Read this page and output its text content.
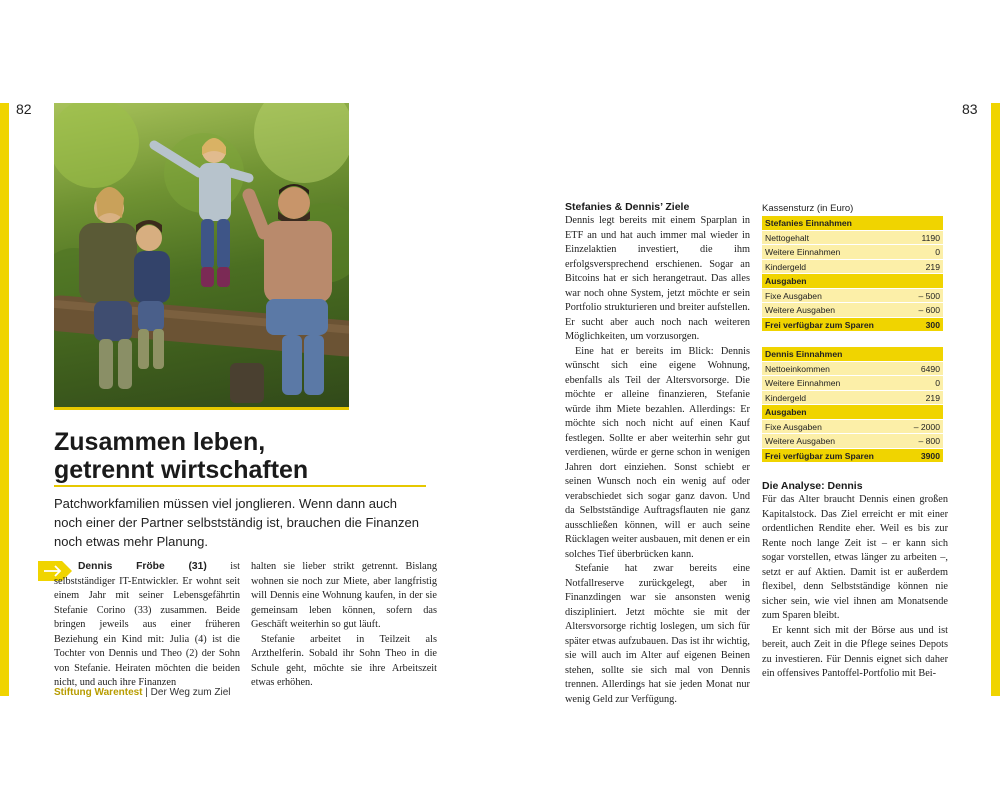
82	83
Zusammen leben,
getrennt wirtschaften

Patchworkfamilien müssen viel jonglieren. Wenn dann auch noch einer der Partner selbstständig ist, brauchen die Finanzen noch etwas mehr Planung.

Dennis Fröbe (31) ist selbstständiger IT-Entwickler. Er wohnt seit einem Jahr mit seiner Lebensgefährtin Stefanie Corino (33) zusammen. Beide bringen jeweils aus einer früheren Beziehung ein Kind mit: Julia (4) ist die Tochter von Dennis und Theo (2) der Sohn von Stefanie. Heiraten möchten die beiden nicht, und auch ihre Finanzen

halten sie lieber strikt getrennt. Bislang wohnen sie noch zur Miete, aber langfristig will Dennis eine Wohnung kaufen, in der sie gemeinsam leben können, sofern das Geschäft weiterhin so gut läuft.

Stefanie arbeitet in Teilzeit als Arzthelferin. Sobald ihr Sohn Theo in die Schule geht, möchte sie ihre Arbeitszeit etwas erhöhen.

Stiftung Warentest | Der Weg zum Ziel
Stefanies & Dennis’ Ziele

Dennis legt bereits mit einem Sparplan in ETF an und hat auch immer mal wieder in Einzelaktien investiert, die ihm erfolgsversprechend erschienen. Sogar an Bitcoins hat er sich herangetraut. Das alles war noch ohne System, jetzt möchte er sein Portfolio strukturieren und breiter aufstellen. Er sucht aber auch noch nach weiteren Möglichkeiten, um vorzusorgen.

Eine hat er bereits im Blick: Dennis wünscht sich eine eigene Wohnung, ebenfalls als Teil der Altersvorsorge. Die möchte er alleine finanzieren, Stefanie würde ihm Miete bezahlen. Allerdings: Er möchte sich noch nicht auf einen Kauf festlegen. Sollte er aber weiterhin sehr gut verdienen, würde er gerne schon in wenigen Jahren dort einziehen. Sonst schiebt er seinen Wunsch noch ein wenig auf oder verabschiedet sich sogar ganz davon. Und da Selbstständige Auftragsflauten nie ganz ausschließen können, will er auch seine Rücklagen weiter ausbauen, mit denen er ein solches Tief überbrücken kann.

Stefanie hat zwar bereits eine Notfallreserve zurückgelegt, aber in Finanzdingen war sie ansonsten wenig diszipliniert. Jetzt möchte sie mit der Altersvorsorge richtig loslegen, um sich für später etwas aufzubauen. Das ist ihr wichtig, sie will auch im Alter auf eigenen Beinen stehen, sollte sie sich mal von Dennis trennen. Allerdings hat sie jeden Monat nur wenig Geld zur Verfügung.

Kassensturz (in Euro)
Stefanies Einnahmen
Nettogehalt	1190
Weitere Einnahmen	0
Kindergeld	219
Ausgaben
Fixe Ausgaben	– 500
Weitere Ausgaben	– 600
Frei verfügbar zum Sparen	300
Dennis Einnahmen
Nettoeinkommen	6490
Weitere Einnahmen	0
Kindergeld	219
Ausgaben
Fixe Ausgaben	– 2000
Weitere Ausgaben	– 800
Frei verfügbar zum Sparen	3900
Die Analyse: Dennis

Für das Alter braucht Dennis einen großen Kapitalstock. Das Ziel erreicht er mit einer ordentlichen Rendite eher. Weil es bis zur Rente noch lange Zeit ist – er kann sich sogar vorstellen, etwas länger zu arbeiten –, setzt er auf Aktien. Damit ist er außerdem flexibel, denn Selbstständige können nie sicher sein, wie viel ihnen am Monatsende zum Sparen bleibt.

Er kennt sich mit der Börse aus und ist bereit, auch Zeit in die Pflege seines Depots zu investieren. Für Dennis eignet sich daher ein offensives Pantoffel-Portfolio mit Bei-
